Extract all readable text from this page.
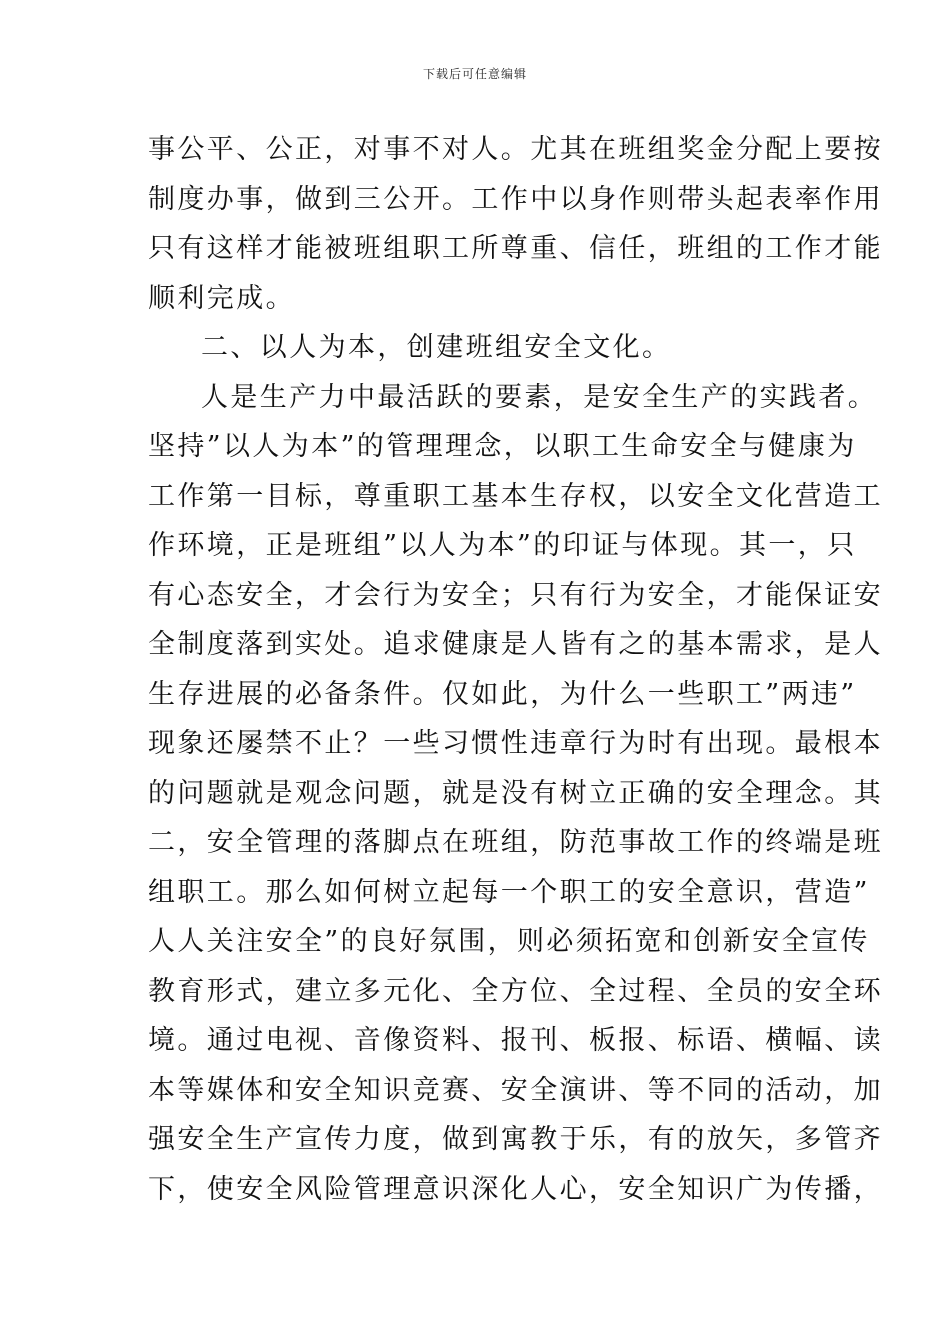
下载后可任意编辑
事公平、公正，对事不对人。尤其在班组奖金分配上要按
制度办事，做到三公开。工作中以身作则带头起表率作用
只有这样才能被班组职工所尊重、信任，班组的工作才能
顺利完成。
二、以人为本，创建班组安全文化。
人是生产力中最活跃的要素，是安全生产的实践者。
坚持”以人为本”的管理理念，以职工生命安全与健康为
工作第一目标，尊重职工基本生存权，以安全文化营造工
作环境，正是班组”以人为本”的印证与体现。其一，只
有心态安全，才会行为安全；只有行为安全，才能保证安
全制度落到实处。追求健康是人皆有之的基本需求，是人
生存进展的必备条件。仅如此，为什么一些职工”两违”
现象还屡禁不止？一些习惯性违章行为时有出现。最根本
的问题就是观念问题，就是没有树立正确的安全理念。其
二，安全管理的落脚点在班组，防范事故工作的终端是班
组职工。那么如何树立起每一个职工的安全意识，营造”
人人关注安全”的良好氛围，则必须拓宽和创新安全宣传
教育形式，建立多元化、全方位、全过程、全员的安全环
境。通过电视、音像资料、报刊、板报、标语、横幅、读
本等媒体和安全知识竞赛、安全演讲、等不同的活动，加
强安全生产宣传力度，做到寓教于乐，有的放矢，多管齐
下，使安全风险管理意识深化人心，安全知识广为传播，
